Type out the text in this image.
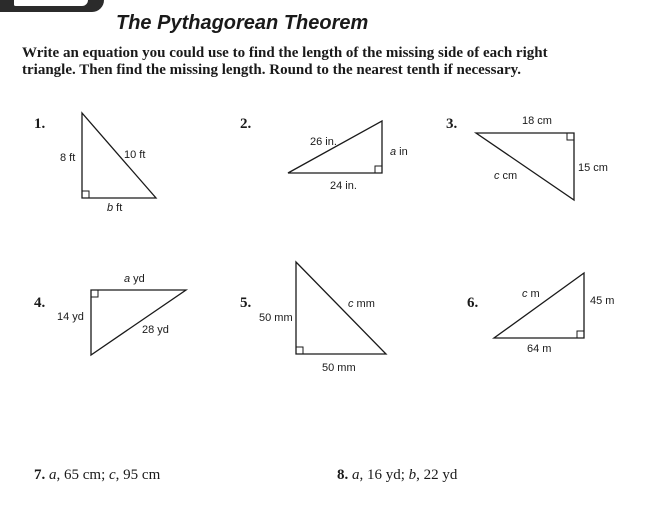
The Pythagorean Theorem

Write an equation you could use to find the length of the missing side of each right triangle. Then find the missing length. Round to the nearest tenth if necessary.

1.	2.	3.
4.	5.	6.
8 ft	10 ft
b ft
26 in.
a in
24 in.
18 cm
15 cm
c cm
a yd
14 yd
28 yd
50 mm
c mm
50 mm
c m
45 m
64 m
7. a, 65 cm; c, 95 cm	8. a, 16 yd; b, 22 yd
